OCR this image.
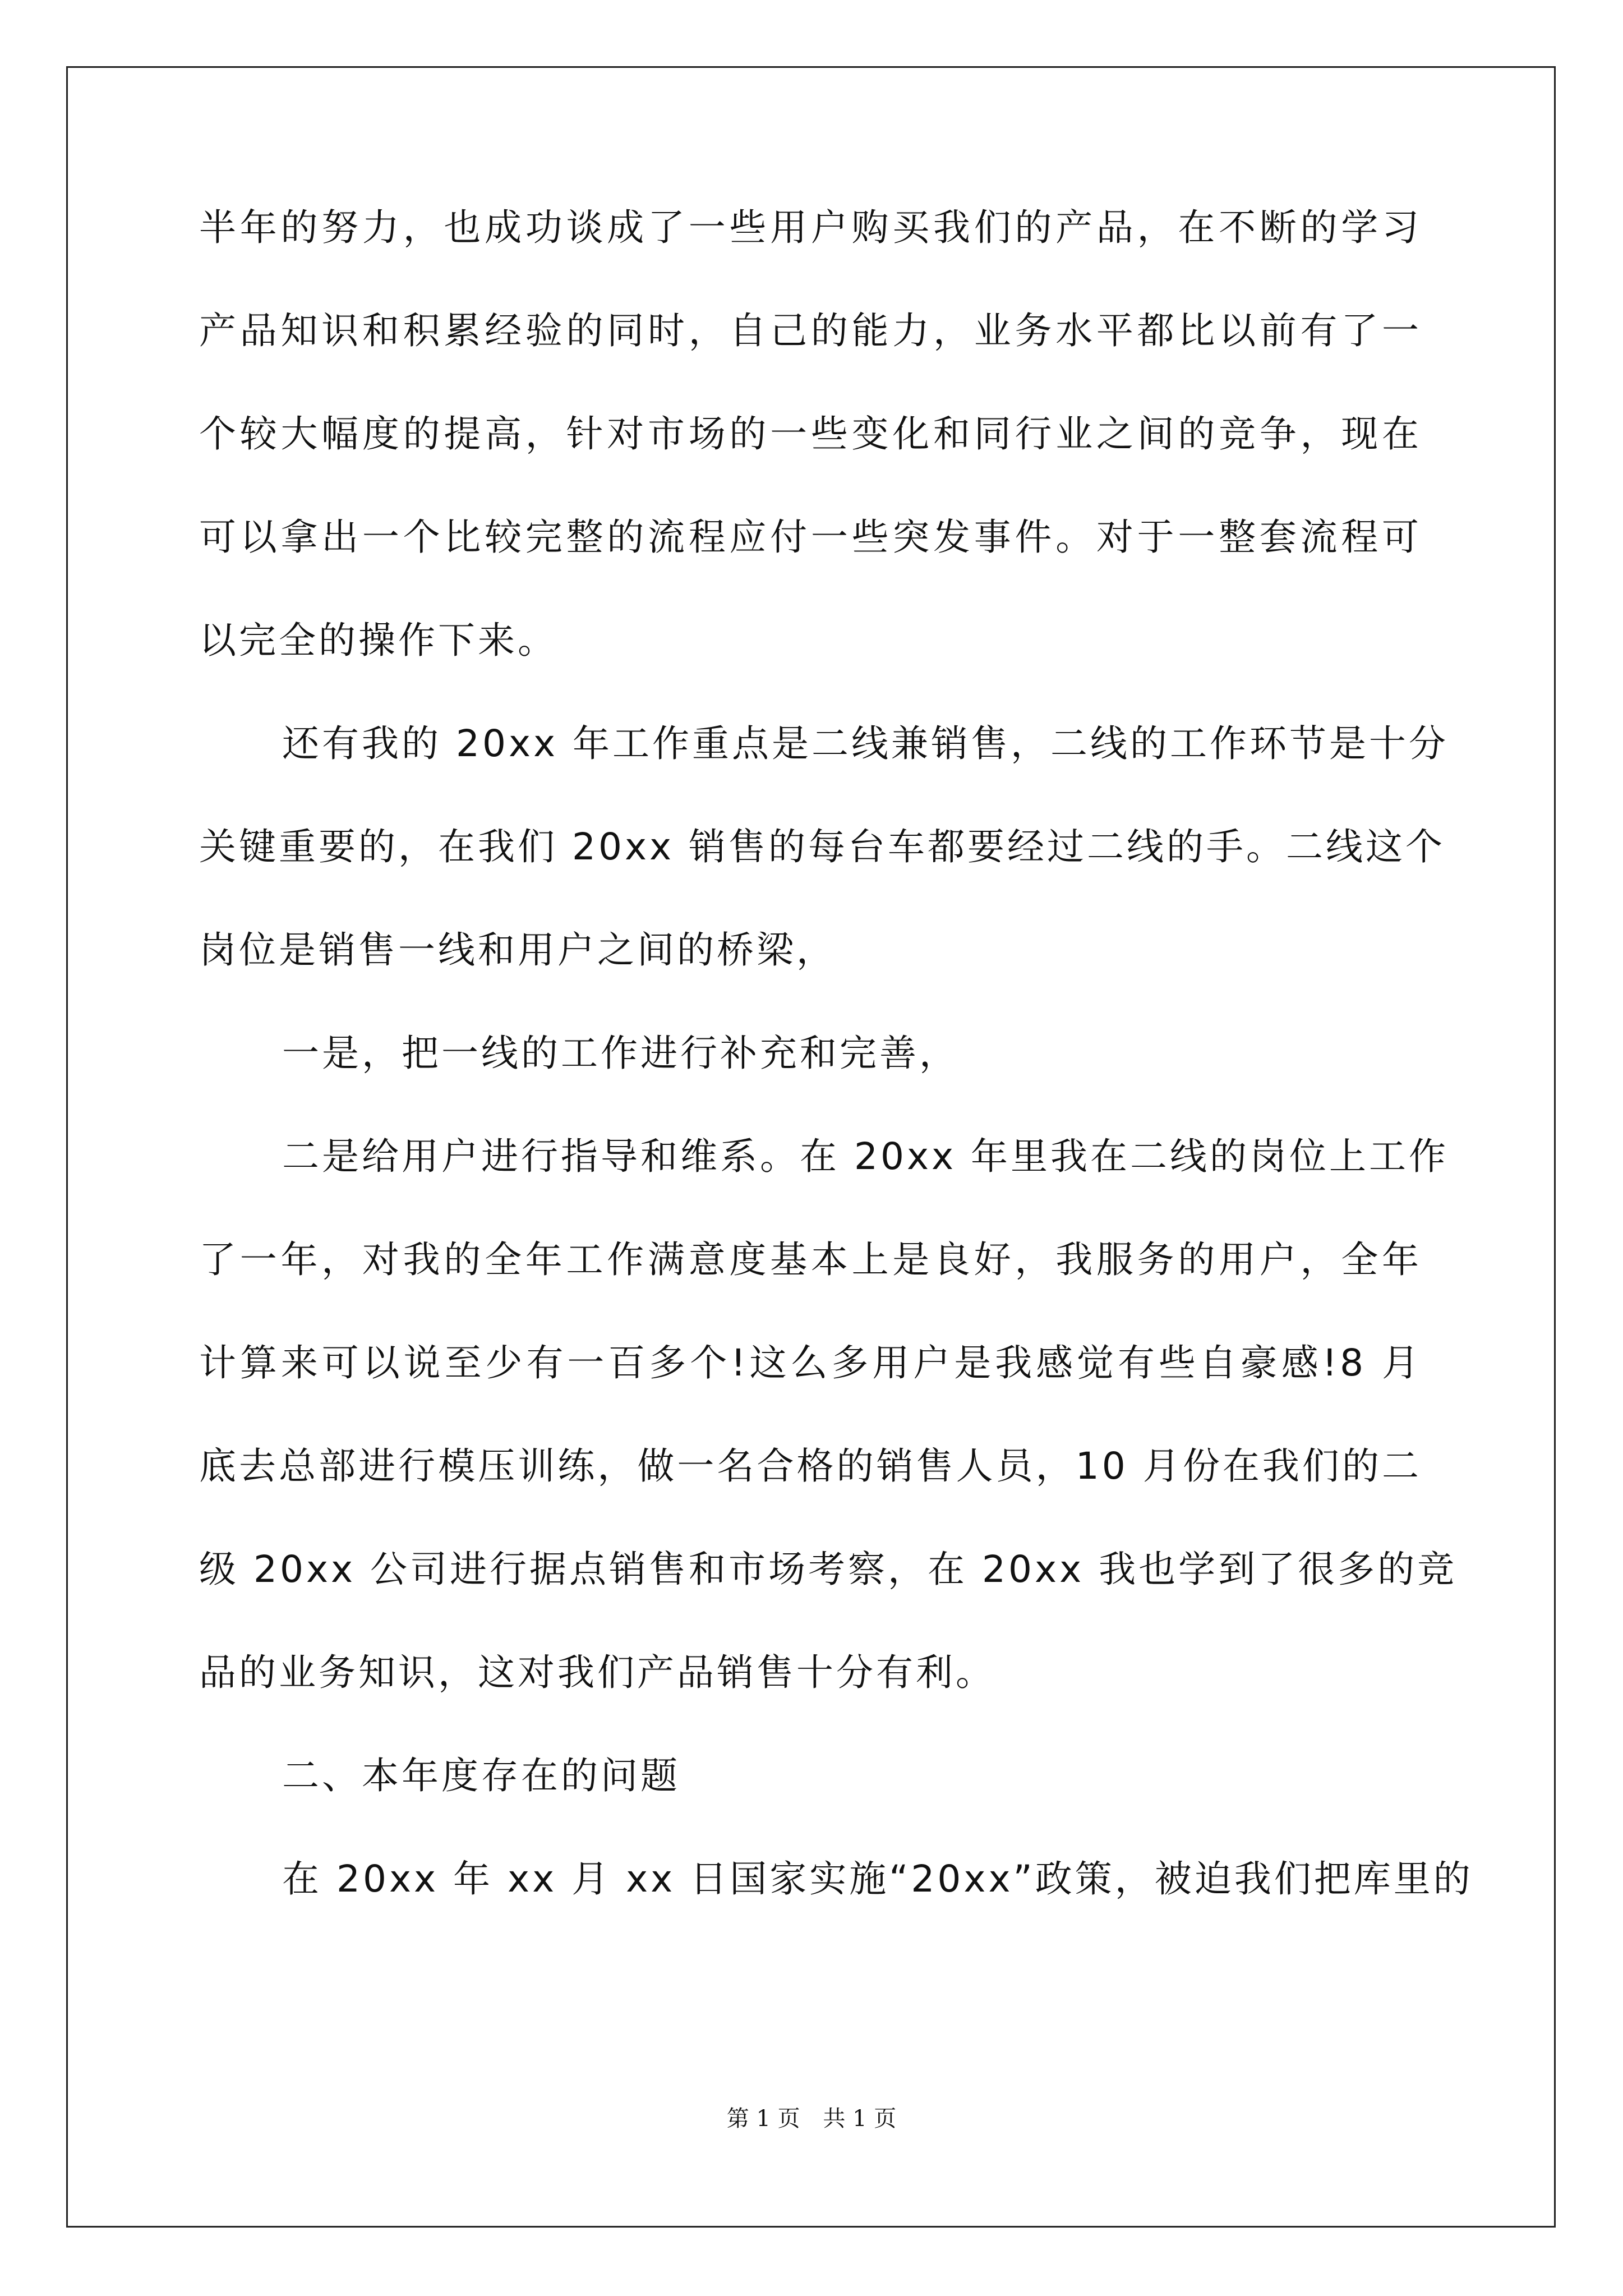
半年的努力，也成功谈成了一些用户购买我们的产品，在不断的学习
产品知识和积累经验的同时，自己的能力，业务水平都比以前有了一
个较大幅度的提高，针对市场的一些变化和同行业之间的竞争，现在
可以拿出一个比较完整的流程应付一些突发事件。对于一整套流程可
以完全的操作下来。
还有我的 20xx 年工作重点是二线兼销售，二线的工作环节是十分
关键重要的，在我们 20xx 销售的每台车都要经过二线的手。二线这个
岗位是销售一线和用户之间的桥梁，
一是，把一线的工作进行补充和完善，
二是给用户进行指导和维系。在 20xx 年里我在二线的岗位上工作
了一年，对我的全年工作满意度基本上是良好，我服务的用户，全年
计算来可以说至少有一百多个!这么多用户是我感觉有些自豪感!8 月
底去总部进行模压训练，做一名合格的销售人员，10 月份在我们的二
级 20xx 公司进行据点销售和市场考察，在 20xx 我也学到了很多的竞
品的业务知识，这对我们产品销售十分有利。
二、本年度存在的问题
在 20xx 年 xx 月 xx 日国家实施“20xx”政策，被迫我们把库里的
第 1 页 共 1 页
